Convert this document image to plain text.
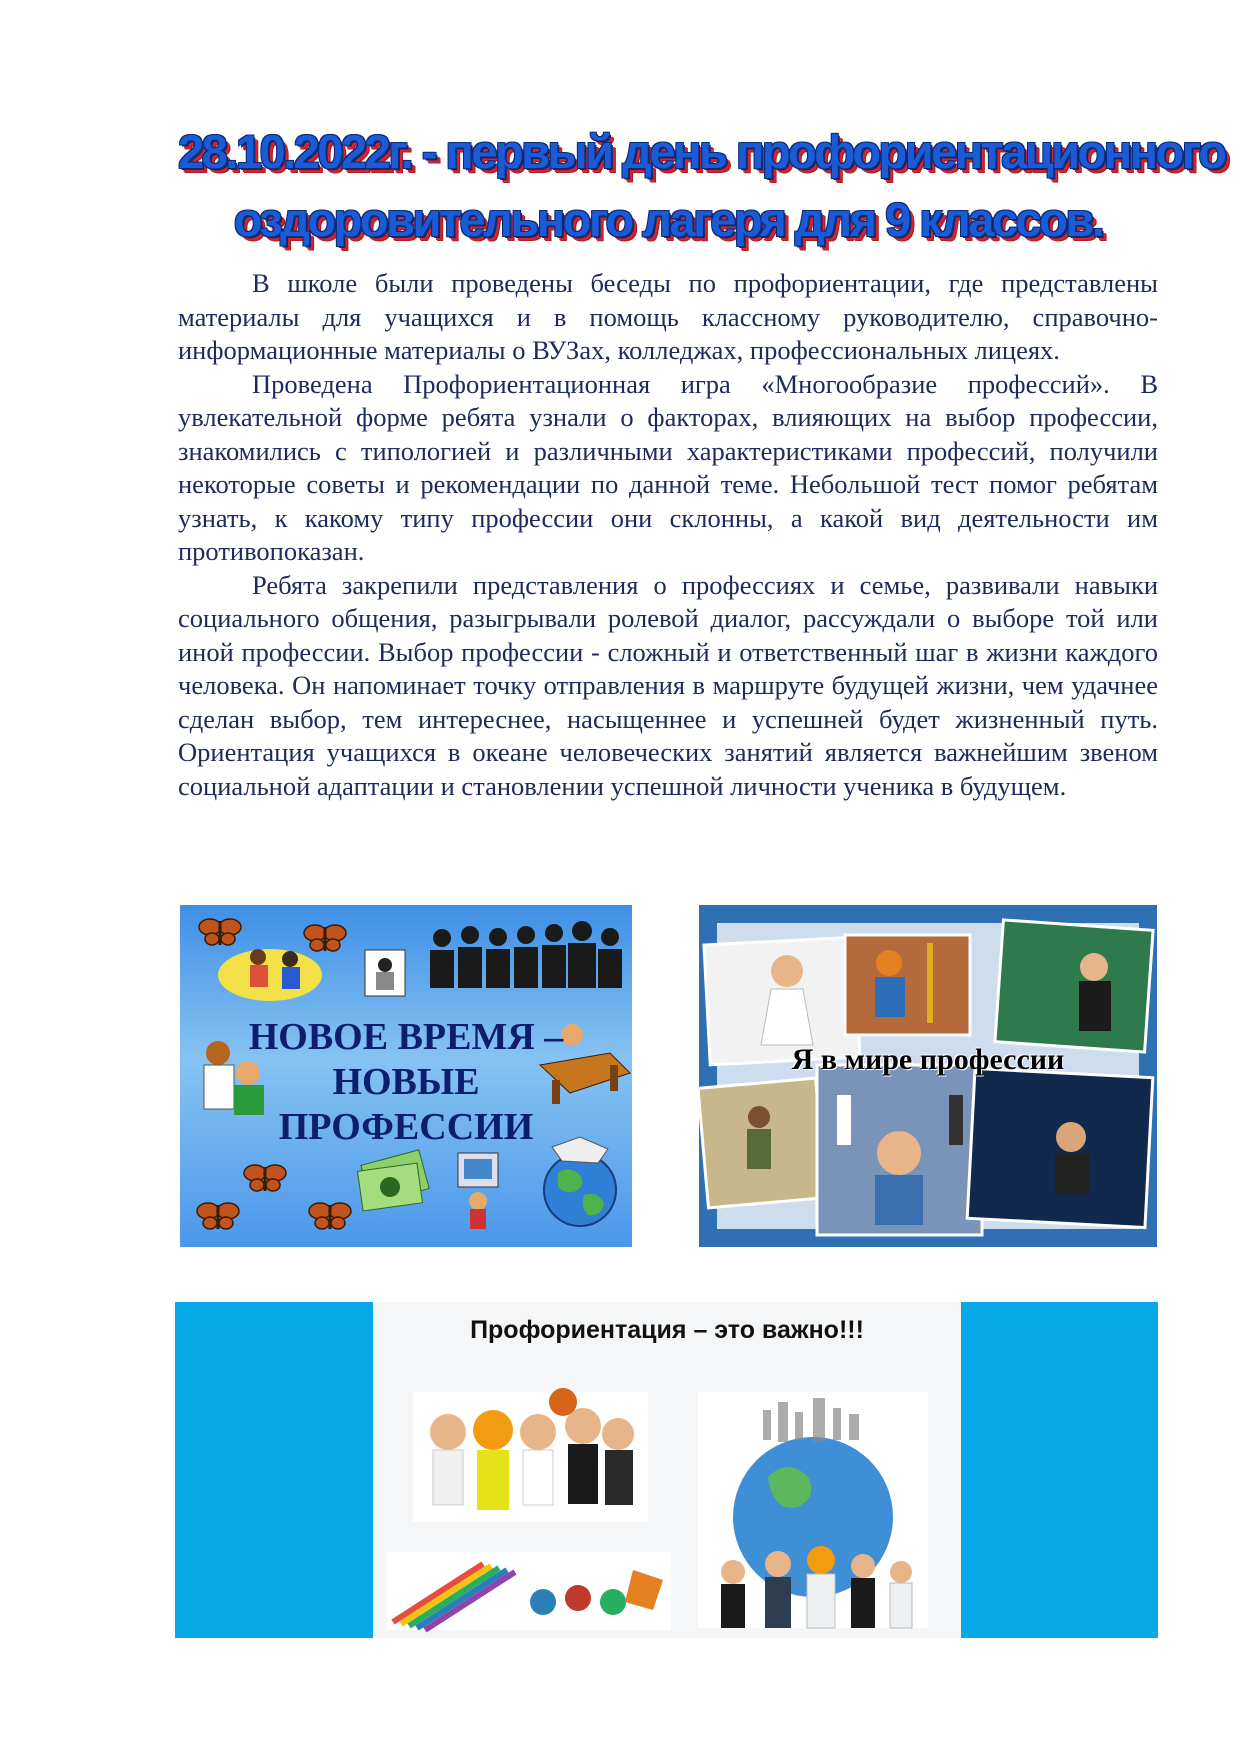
28.10.2022г. - первый день профориентационного
оздоровительного лагеря для 9 классов.

В школе были проведены беседы по профориентации, где представлены материалы для учащихся и в помощь классному руководителю, справочно-информационные материалы о ВУЗах, колледжах, профессиональных лицеях.

Проведена Профориентационная игра «Многообразие профессий». В увлекательной форме ребята узнали о факторах, влияющих на выбор профессии, знакомились с типологией и различными характеристиками профессий, получили некоторые советы и рекомендации по данной теме. Небольшой тест помог ребятам узнать, к какому типу профессии они склонны, а какой вид деятельности им противопоказан.

Ребята закрепили представления о профессиях и семье, развивали навыки социального общения, разыгрывали ролевой диалог, рассуждали о выборе той или иной профессии. Выбор профессии - сложный и ответственный шаг в жизни каждого человека. Он напоминает точку отправления в маршруте будущей жизни, чем удачнее сделан выбор, тем интереснее, насыщеннее и успешней будет жизненный путь. Ориентация учащихся в океане человеческих занятий является важнейшим звеном социальной адаптации и становлении успешной личности ученика в будущем.

НОВОЕ ВРЕМЯ –
НОВЫЕ
ПРОФЕССИИ
Я в мире профессии
Профориентация – это важно!!!
